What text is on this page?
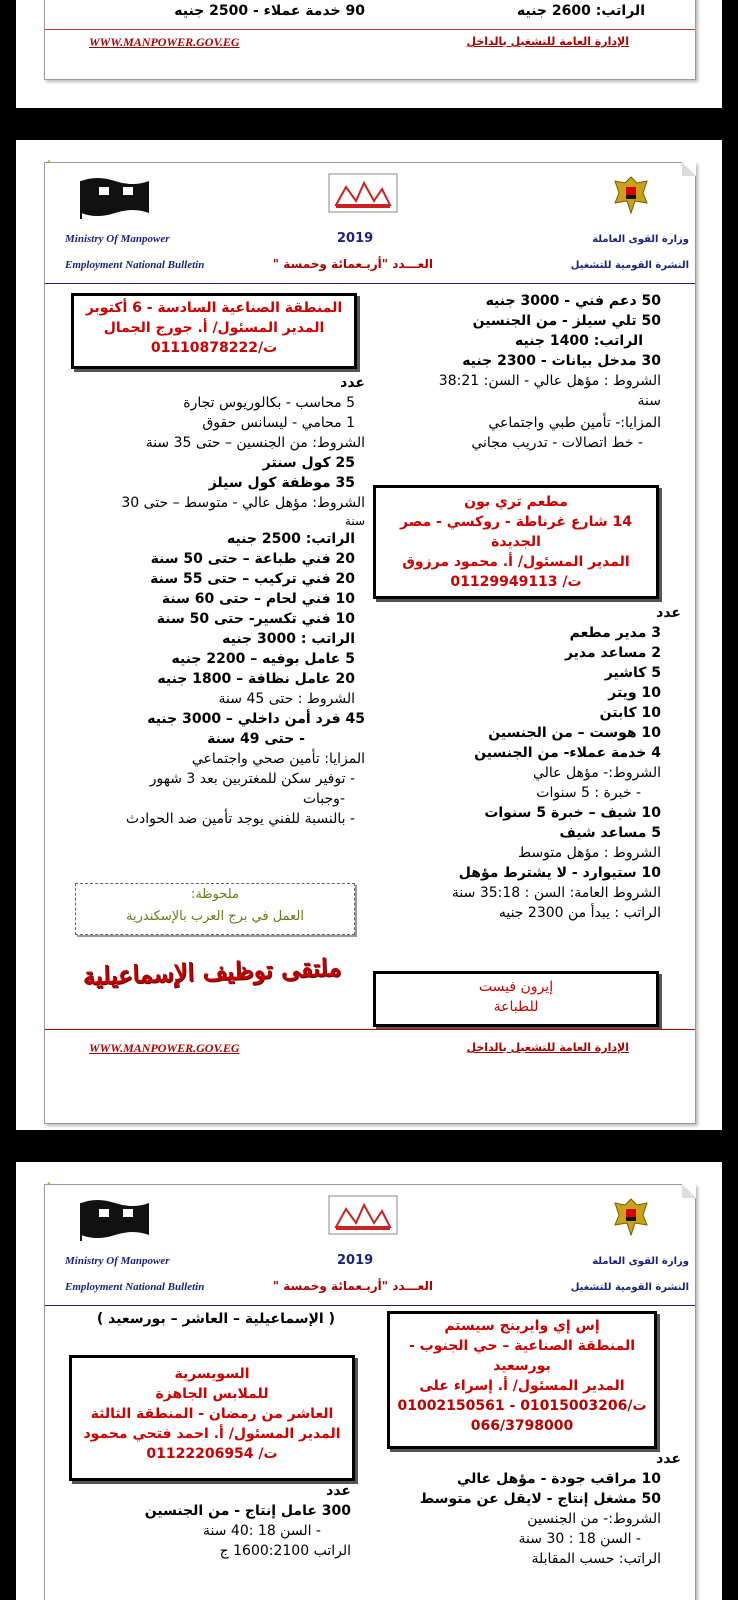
الراتب: 2600 جنيه
90 خدمة عملاء - 2500 جنيه
WWW.MANPOWER.GOV.EG	الإدارة العامة للتشغيل بالداخل
Ministry Of Manpower	2019	وزارة القوى العاملة
Employment National Bulletin	العـــدد "أربـعمائة وخمسة "	النشرة القومية للتشغيل
50 دعم فني - 3000 جنيه
50 تلي سيلز - من الجنسين
الراتب: 1400 جنيه
30 مدخل بيانات - 2300 جنيه
الشروط : مؤهل عالي - السن: 38:21
سنة
المزايا:- تأمين طبي واجتماعي
- خط اتصالات - تدريب مجاني
مطعم تري بون
14 شارع غرناطة - روكسي - مصر
الجديدة
المدير المسئول/ أ. محمود مرزوق
ت/ 01129949113
عدد
3 مدير مطعم
2 مساعد مدير
5 كاشير
10 ويتر
10 كابتن
10 هوست – من الجنسين
4 خدمة عملاء- من الجنسين
الشروط:- مؤهل عالي
- خبرة : 5 سنوات
10 شيف – خبرة 5 سنوات
5 مساعد شيف
الشروط : مؤهل متوسط
10 ستيوارد - لا يشترط مؤهل
الشروط العامة: السن : 35:18 سنة
الراتب : يبدأ من 2300 جنيه
المنطقة الصناعية السادسة - 6 أكتوبر
المدير المسئول/ أ. جورج الجمال
ت/01110878222
عدد
5 محاسب - بكالوريوس تجارة
1 محامي - ليسانس حقوق
الشروط: من الجنسين – حتى 35 سنة
25 كول سنتر
35 موظفة كول سيلز
الشروط: مؤهل عالي - متوسط – حتى 30
سنة
الراتب: 2500 جنيه
20 فني طباعة – حتى 50 سنة
20 فني تركيب – حتى 55 سنة
10 فني لحام – حتى 60 سنة
10 فني تكسير- حتى 50 سنة
الراتب : 3000 جنيه
5 عامل بوفيه – 2200 جنيه
20 عامل نظافة – 1800 جنيه
الشروط : حتى 45 سنة
45 فرد أمن داخلي – 3000 جنيه
- حتى 49 سنة
المزايا: تأمين صحي واجتماعي
- توفير سكن للمغتربين بعد 3 شهور
-وجبات
- بالنسبة للفني يوجد تأمين ضد الحوادث
ملحوظة:
العمل في برج العرب بالإسكندرية
ملتقى توظيف الإسماعيلية	إيرون فيست
للطباعة
WWW.MANPOWER.GOV.EG	الإدارة العامة للتشغيل بالداخل
Ministry Of Manpower	2019	وزارة القوى العاملة
Employment National Bulletin	العـــدد "أربـعمائة وخمسة "	النشرة القومية للتشغيل
( الإسماعيلية – العاشر – بورسعيد )	إس إي وايرينج سيستم
المنطقة الصناعية – حي الجنوب -
بورسعيد
المدير المسئول/ أ. إسراء على
ت/01015003206 - 01002150561
066/3798000
السويسرية
للملابس الجاهزة
العاشر من رمضان - المنطقة الثالثة
المدير المسئول/ أ. احمد فتحي محمود
ت/ 01122206954	عدد
10 مراقب جودة - مؤهل عالي
50 مشغل إنتاج - لايقل عن متوسط
الشروط:- من الجنسين
- السن 18 : 30 سنة
الراتب: حسب المقابلة
عدد
300 عامل إنتاج - من الجنسين
- السن 18 :40 سنة
الراتب 1600:2100 ج
